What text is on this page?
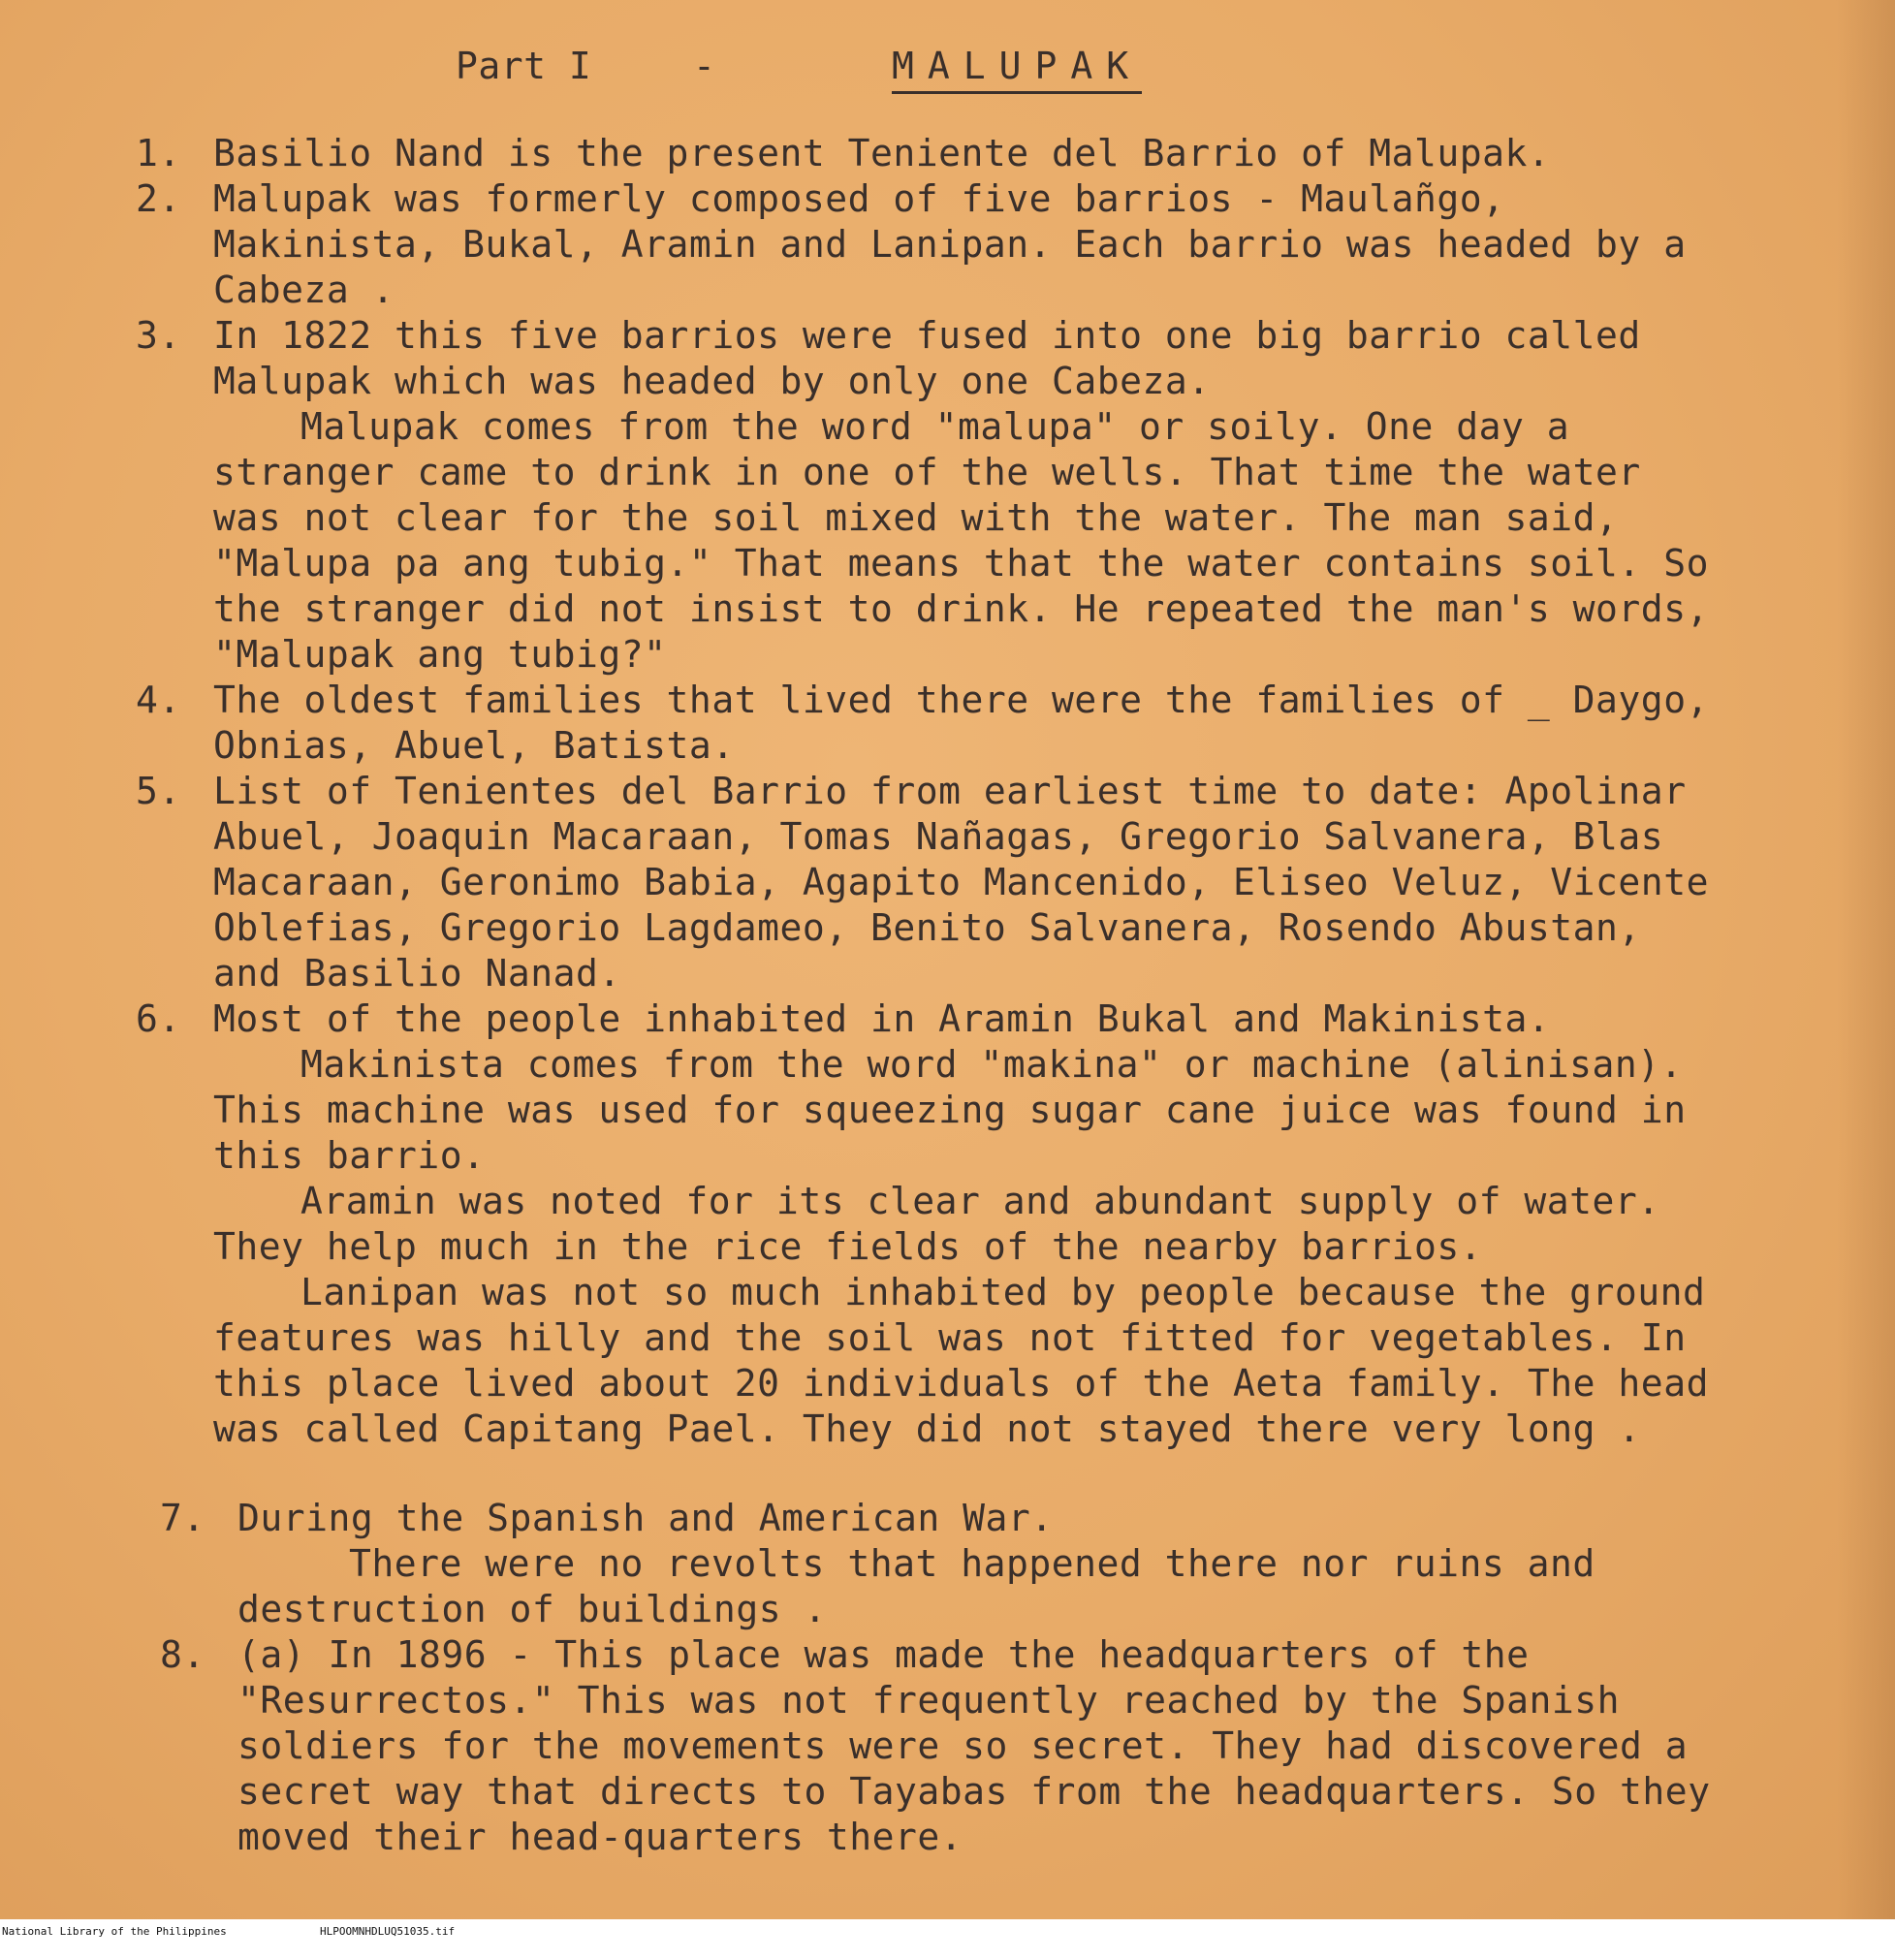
Part I	-	MALUPAK
1. Basilio Nand is the present Teniente del Barrio of Malupak.

2. Malupak was formerly composed of five barrios - Maulañgo, Makinista, Bukal, Aramin and Lanipan. Each barrio was headed by a Cabeza .

3. In 1822 this five barrios were fused into one big barrio called Malupak which was headed by only one Cabeza.

Malupak comes from the word "malupa" or soily. One day a stranger came to drink in one of the wells. That time the water was not clear for the soil mixed with the water. The man said, "Malupa pa ang tubig." That means that the water contains soil. So the stranger did not insist to drink. He repeated the man's words, "Malupak ang tubig?"

4. The oldest families that lived there were the families of _ Daygo, Obnias, Abuel, Batista.

5. List of Tenientes del Barrio from earliest time to date: Apolinar Abuel, Joaquin Macaraan, Tomas Nañagas, Gregorio Salvanera, Blas Macaraan, Geronimo Babia, Agapito Mancenido, Eliseo Veluz, Vicente Oblefias, Gregorio Lagdameo, Benito Salvanera, Rosendo Abustan, and Basilio Nanad.

6. Most of the people inhabited in Aramin Bukal and Makinista.

Makinista comes from the word "makina" or machine (alinisan). This machine was used for squeezing sugar cane juice was found in this barrio.

Aramin was noted for its clear and abundant supply of water. They help much in the rice fields of the nearby barrios.

Lanipan was not so much inhabited by people because the ground features was hilly and the soil was not fitted for vegetables. In this place lived about 20 individuals of the Aeta family. The head was called Capitang Pael. They did not stayed there very long .

7. During the Spanish and American War.

There were no revolts that happened there nor ruins and destruction of buildings .

8. (a) In 1896 - This place was made the headquarters of the "Resurrectos." This was not frequently reached by the Spanish soldiers for the movements were so secret. They had discovered a secret way that directs to Tayabas from the headquarters. So they moved their head-quarters there.

National Library of the Philippines

	HLPOOMNHDLUQ51035.tif
